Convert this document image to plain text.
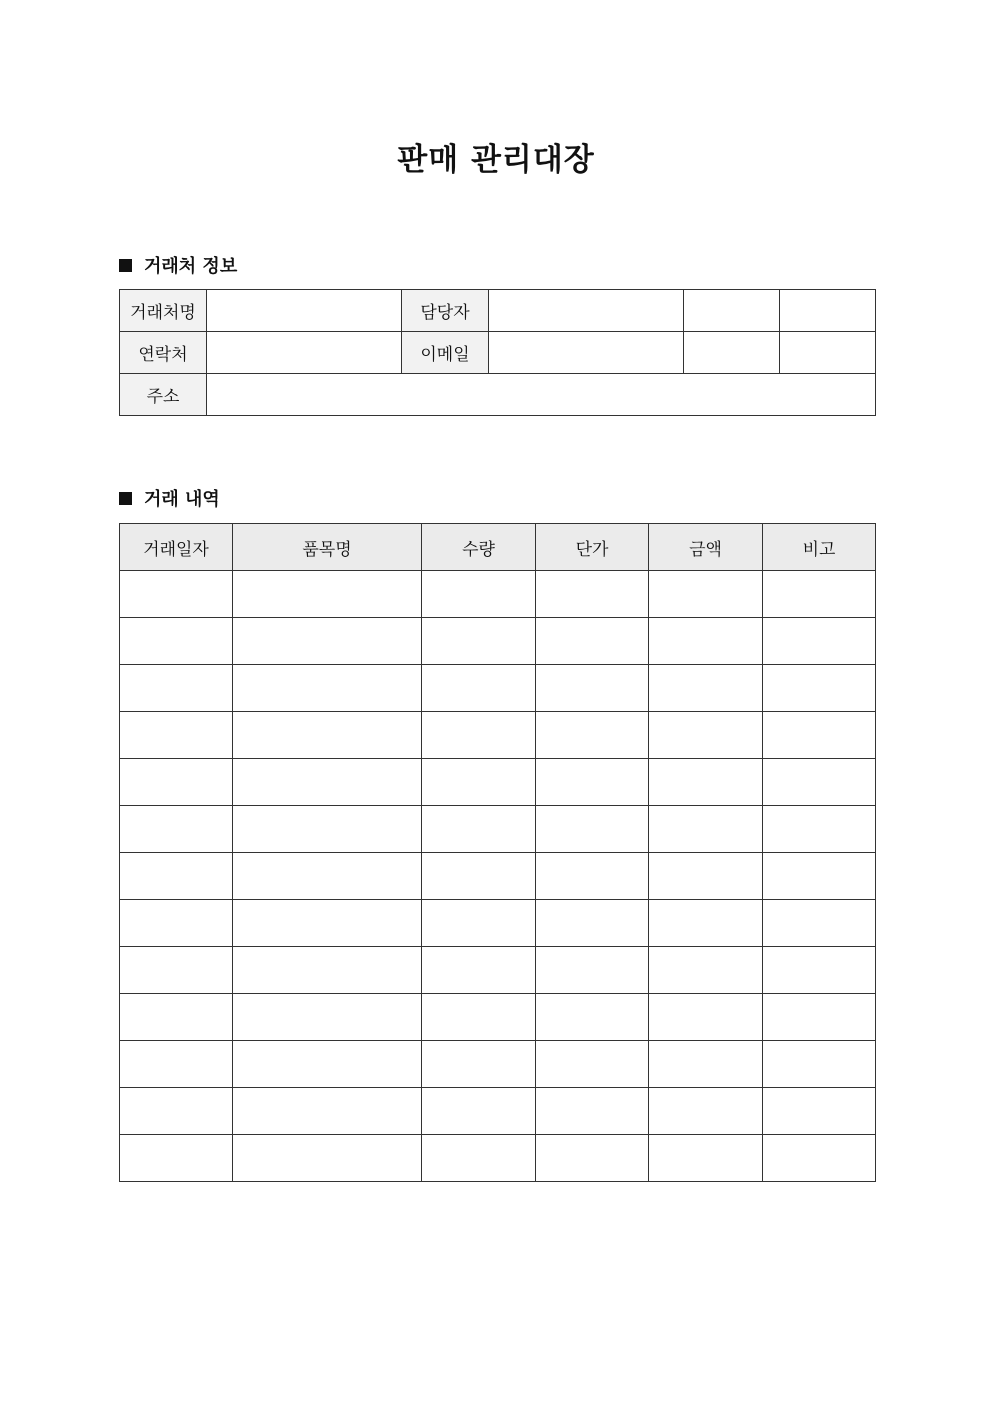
판매 관리대장
거래처 정보
거래처명		담당자			
연락처		이메일			
주소					
거래 내역
거래일자	품목명	수량	단가	금액	비고
